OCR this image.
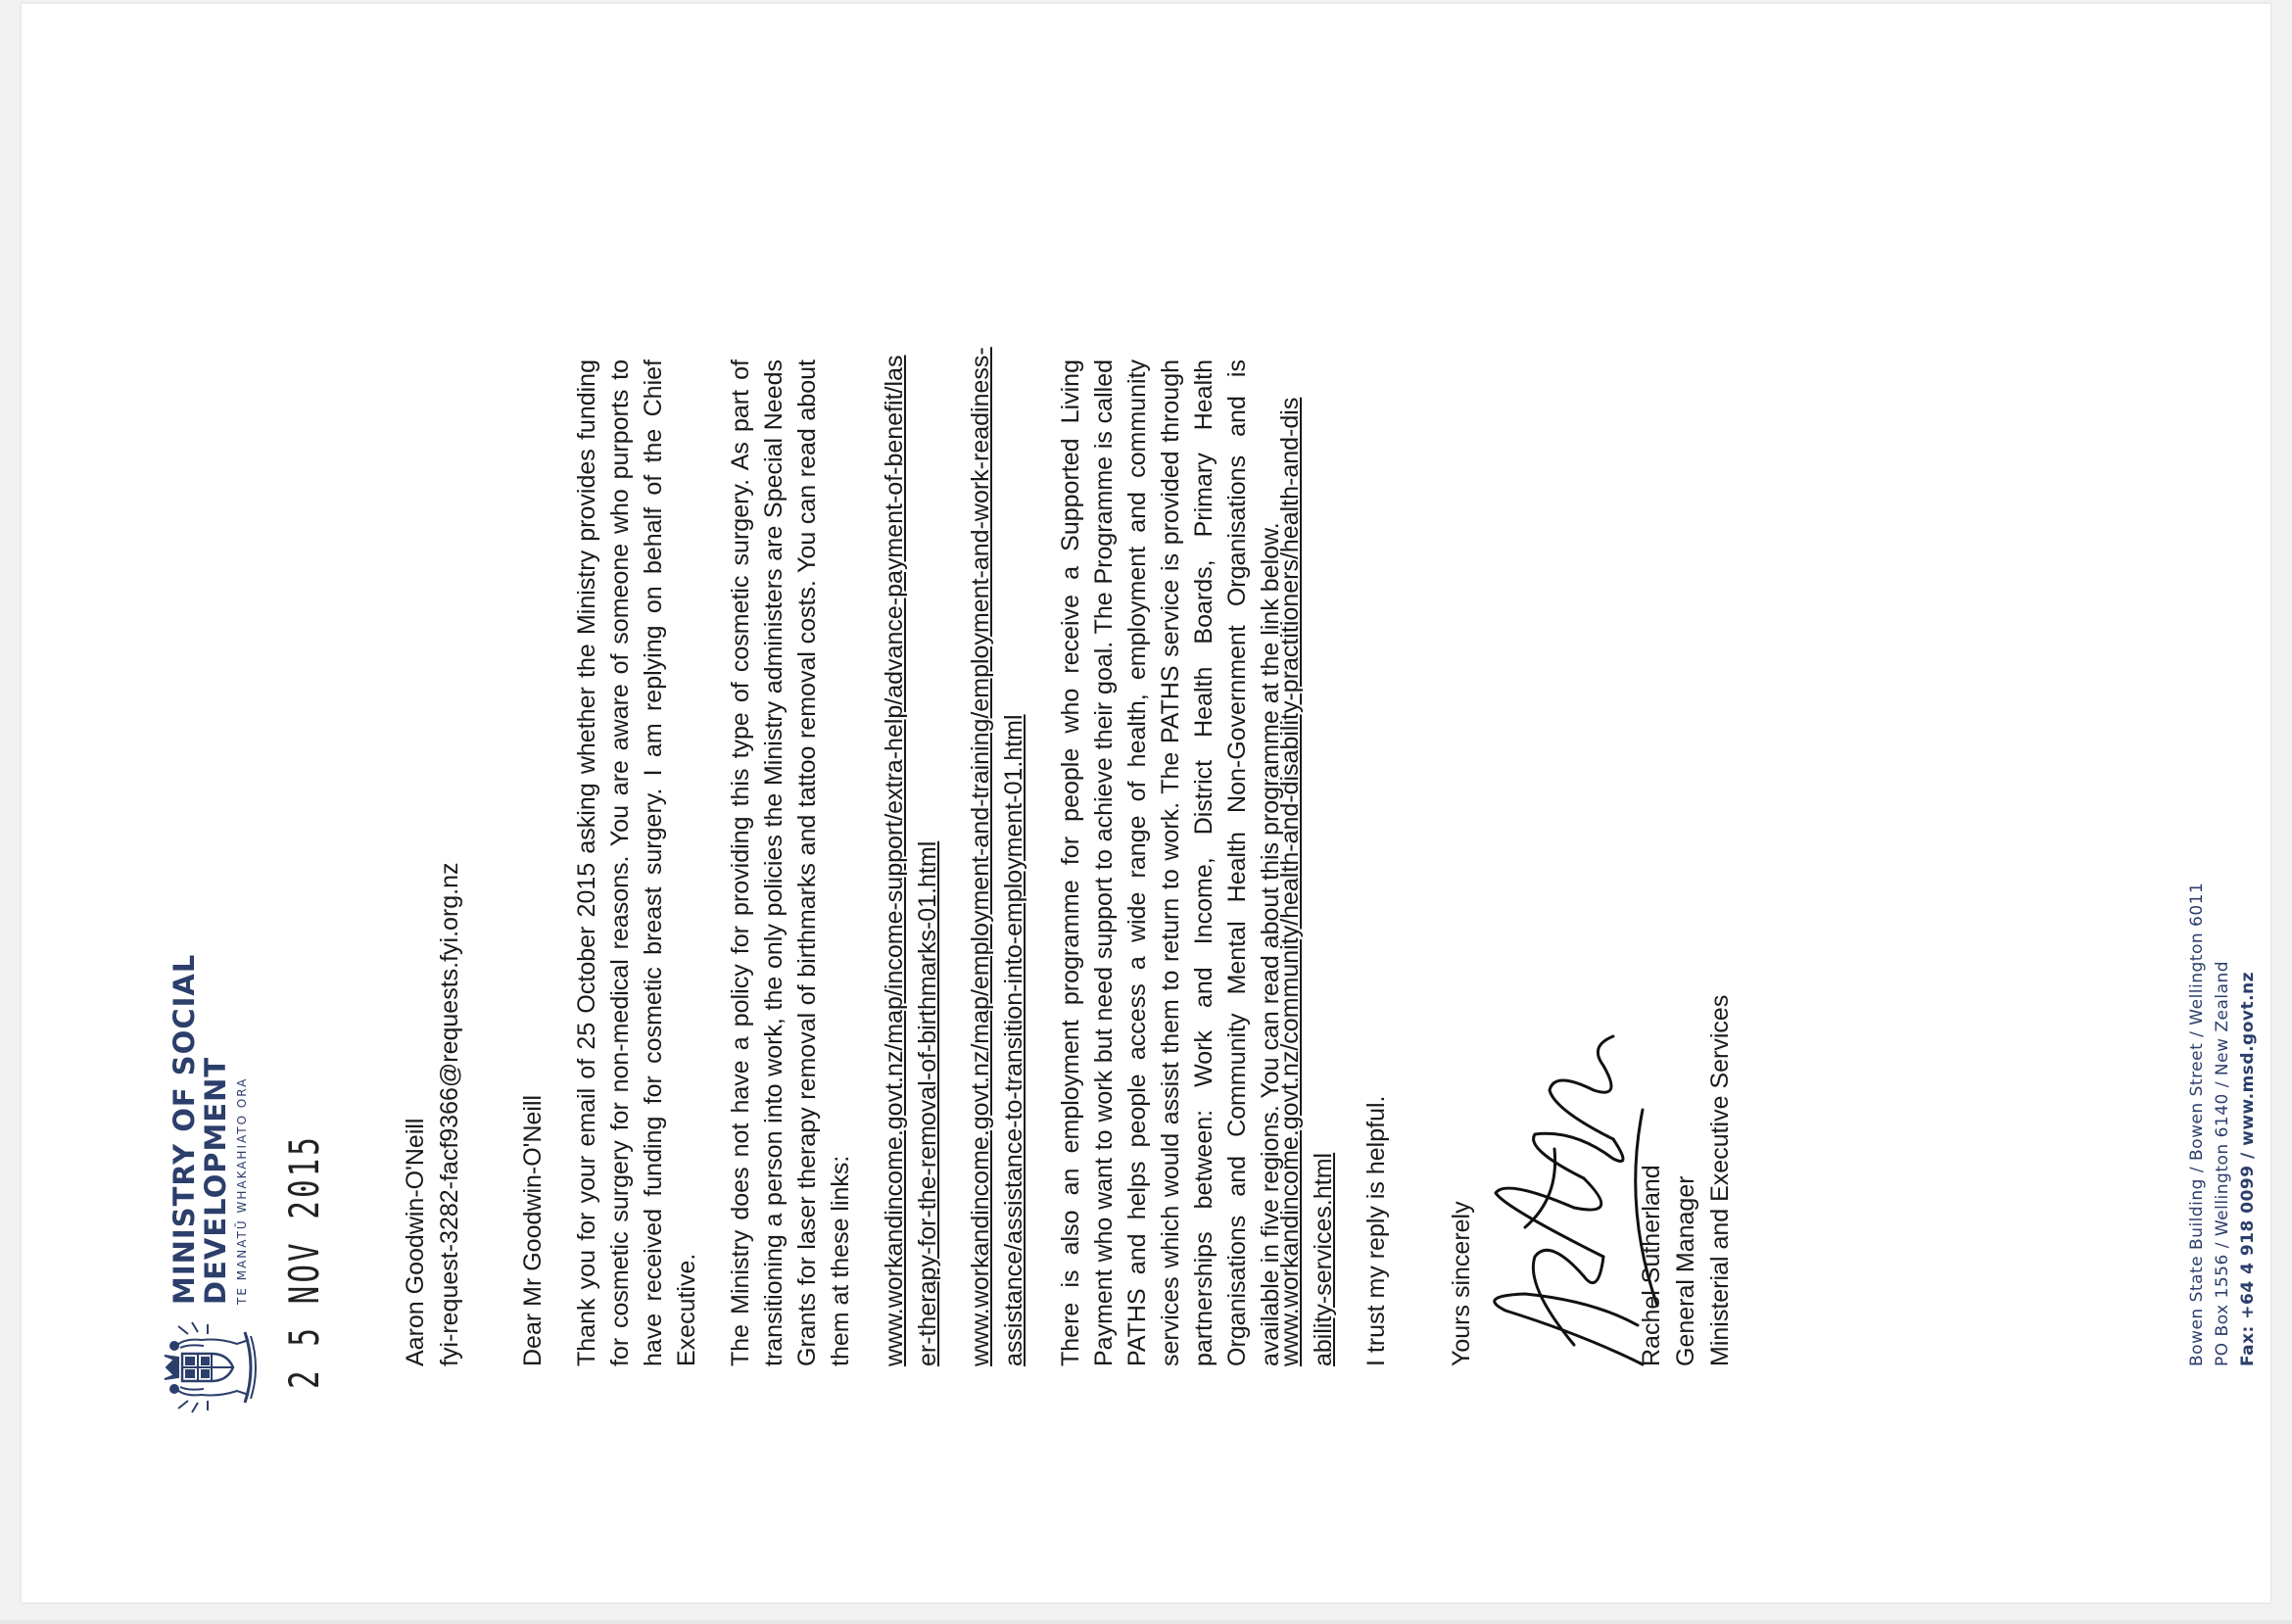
MINISTRY OF SOCIAL
DEVELOPMENT TE MANATŪ WHAKAHIATO ORA 2 5 NOV 2015	Aaron Goodwin-O'Neill fyi-request-3282-facf9366@requests.fyi.org.nz Dear Mr Goodwin-O'Neill Thank you for your email of 25 October 2015 asking whether the Ministry provides funding for cosmetic surgery for non-medical reasons. You are aware of someone who purports to have received funding for cosmetic breast surgery. I am replying on behalf of the Chief Executive. The Ministry does not have a policy for providing this type of cosmetic surgery. As part of transitioning a person into work, the only policies the Ministry administers are Special Needs Grants for laser therapy removal of birthmarks and tattoo removal costs. You can read about them at these links: www.workandincome.govt.nz/map/income-support/extra-help/advance-payment-of-benefit/laser-therapy-for-the-removal-of-birthmarks-01.html www.workandincome.govt.nz/map/employment-and-training/employment-and-work-readiness-assistance/assistance-to-transition-into-employment-01.html There is also an employment programme for people who receive a Supported Living Payment who want to work but need support to achieve their goal. The Programme is called PATHS and helps people access a wide range of health, employment and community services which would assist them to return to work. The PATHS service is provided through partnerships between: Work and Income, District Health Boards, Primary Health Organisations and Community Mental Health Non-Government Organisations and is available in five regions. You can read about this programme at the link below.

www.workandincome.govt.nz/community/health-and-disability-practitioners/health-and-disability-services.html I trust my reply is helpful. Yours sincerely	Rachel Sutherland General Manager Ministerial and Executive Services	Bowen State Building / Bowen Street / Wellington 6011 PO Box 1556 / Wellington 6140 / New Zealand Fax: +64 4 918 0099 / www.msd.govt.nz
